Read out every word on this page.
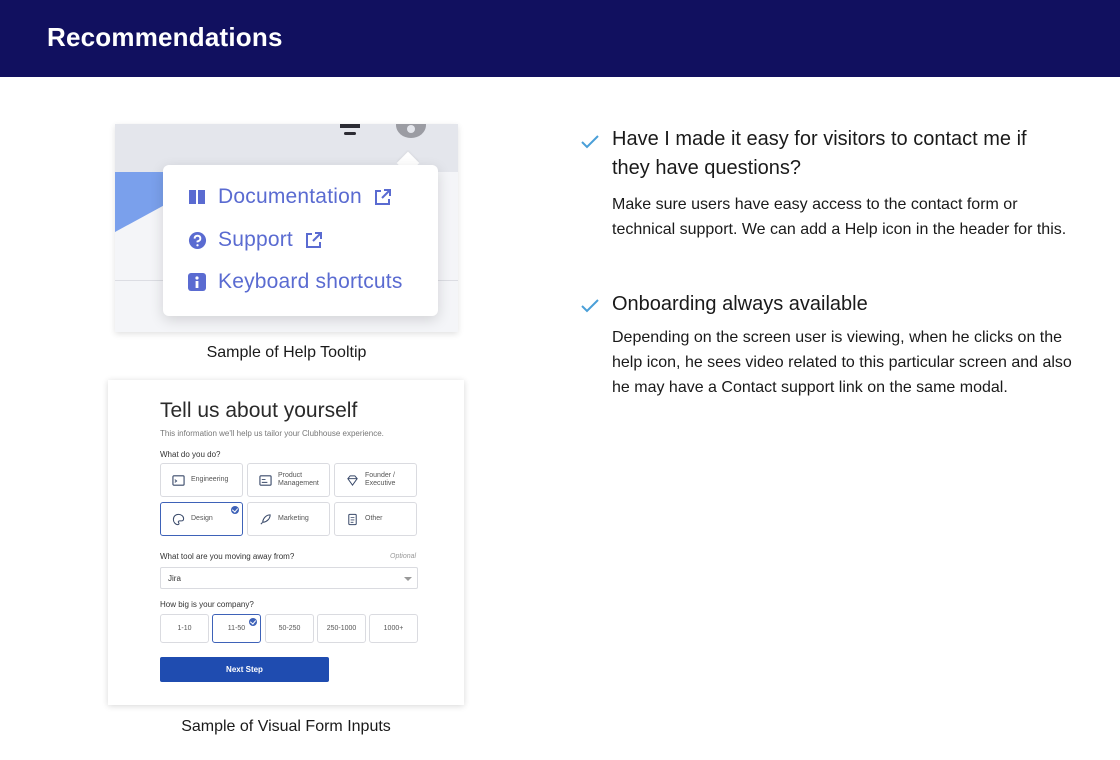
Recommendations
Documentation
Support
Keyboard shortcuts
Sample of Help Tooltip
Tell us about yourself
This information we'll help us tailor your Clubhouse experience.
What do you do?
Engineering
Product Management
Founder / Executive
Design	Marketing	Other
What tool are you moving away from?	Optional
Jira
How big is your company?
1-10	11-50	50-250	250-1000	1000+
Next Step
Sample of Visual Form Inputs
Have I made it easy for visitors to contact me if they have questions?
Make sure users have easy access to the contact form or technical support. We can add a Help icon in the header for this.
Onboarding always available
Depending on the screen user is viewing, when he clicks on the help icon, he sees video related to this particular screen and also he may have a Contact support link on the same modal.
